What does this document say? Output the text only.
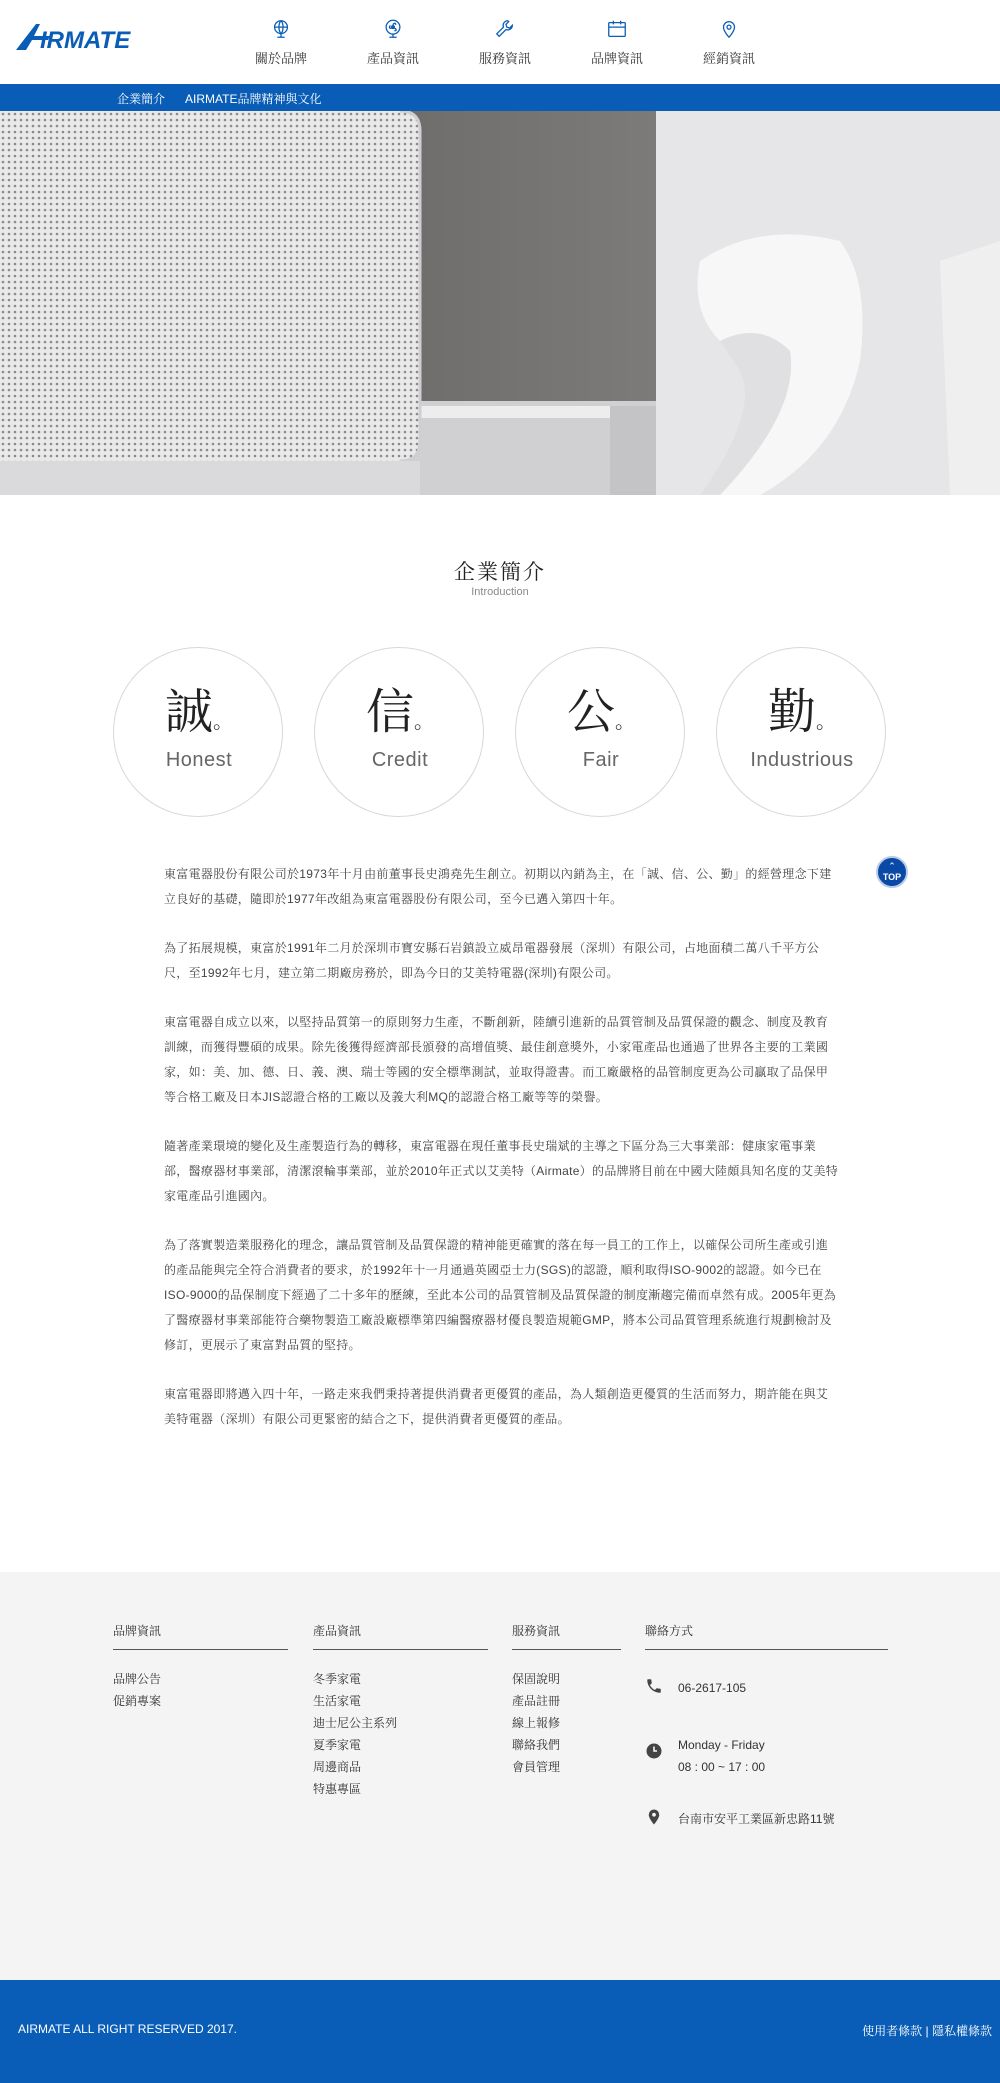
IRMATE
關於品牌	產品資訊	服務資訊	品牌資訊	經銷資訊
企業簡介 AIRMATE品牌精神與文化
企業簡介
Introduction
誠。
Honest
信。
Credit
公。
Fair
勤。
Industrious
⌃
TOP

東富電器股份有限公司於1973年十月由前董事長史鴻堯先生創立。初期以內銷為主，在「誠、信、公、勤」的經營理念下建立良好的基礎，隨即於1977年改組為東富電器股份有限公司，至今已邁入第四十年。

為了拓展規模，東富於1991年二月於深圳市寶安縣石岩鎮設立威昂電器發展（深圳）有限公司，占地面積二萬八千平方公尺，至1992年七月，建立第二期廠房務於，即為今日的艾美特電器(深圳)有限公司。

東富電器自成立以來，以堅持品質第一的原則努力生產，不斷創新，陸續引進新的品質管制及品質保證的觀念、制度及教育訓練，而獲得豐碩的成果。除先後獲得經濟部長頒發的高增值獎、最佳創意獎外，小家電產品也通過了世界各主要的工業國家，如：美、加、德、日、義、澳、瑞士等國的安全標準測試，並取得證書。而工廠嚴格的品管制度更為公司贏取了品保甲等合格工廠及日本JIS認證合格的工廠以及義大利MQ的認證合格工廠等等的榮譽。

隨著產業環境的變化及生產製造行為的轉移，東富電器在現任董事長史瑞斌的主導之下區分為三大事業部：健康家電事業部，醫療器材事業部，清潔滾輪事業部，並於2010年正式以艾美特（Airmate）的品牌將目前在中國大陸頗具知名度的艾美特家電產品引進國內。

為了落實製造業服務化的理念，讓品質管制及品質保證的精神能更確實的落在每一員工的工作上，以確保公司所生產或引進的產品能與完全符合消費者的要求，於1992年十一月通過英國亞士力(SGS)的認證，順利取得ISO-9002的認證。如今已在ISO-9000的品保制度下經過了二十多年的歷練，至此本公司的品質管制及品質保證的制度漸趨完備而卓然有成。2005年更為了醫療器材事業部能符合藥物製造工廠設廠標準第四編醫療器材優良製造規範GMP，將本公司品質管理系統進行規劃檢討及修訂，更展示了東富對品質的堅持。

東富電器即將邁入四十年，一路走來我們秉持著提供消費者更優質的產品，為人類創造更優質的生活而努力，期許能在與艾美特電器（深圳）有限公司更緊密的結合之下，提供消費者更優質的產品。

品牌資訊
品牌公告
促銷專案
產品資訊
冬季家電
生活家電
迪士尼公主系列
夏季家電
周邊商品
特惠專區
服務資訊
保固說明
產品註冊
線上報修
聯絡我們
會員管理
聯絡方式
06-2617-105
Monday - Friday
08 : 00 ~ 17 : 00
台南市安平工業區新忠路11號
AIRMATE ALL RIGHT RESERVED 2017.	使用者條款 | 隱私權條款
